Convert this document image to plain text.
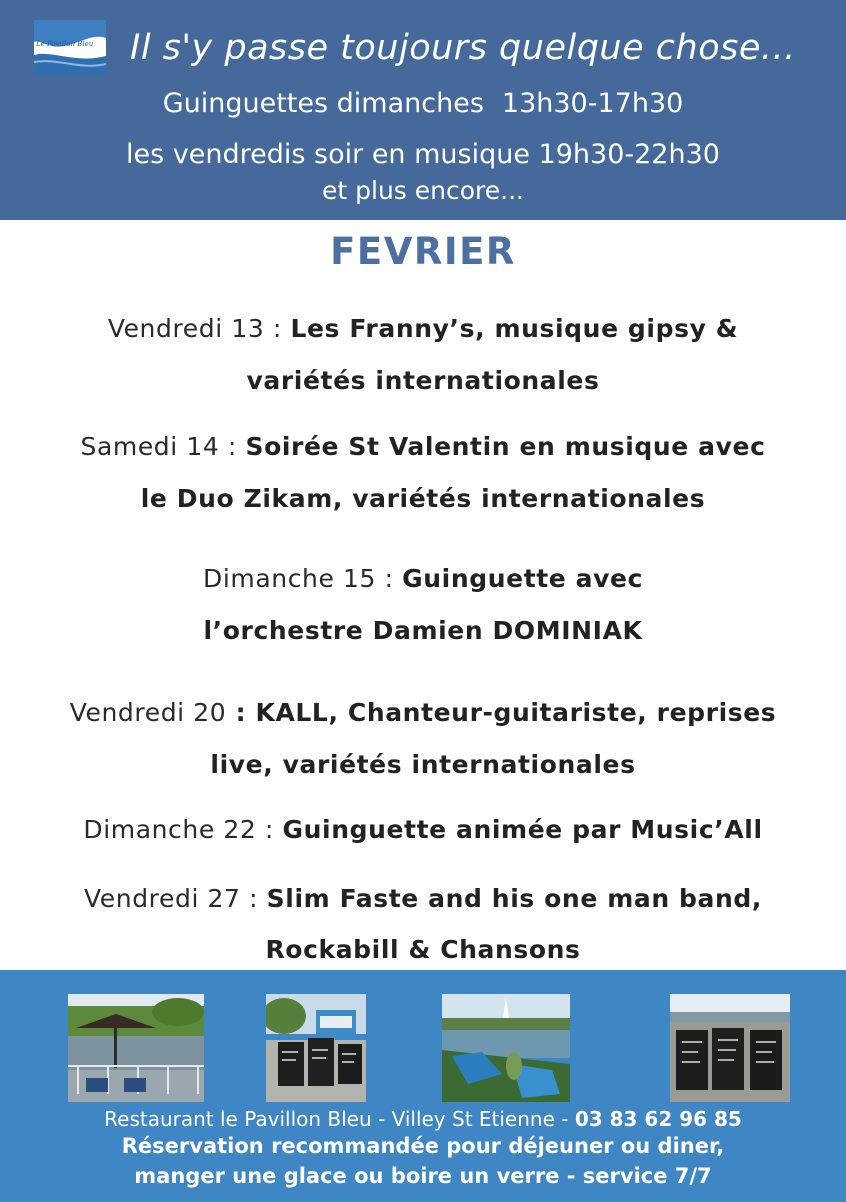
Le Pavillon Bleu	Il s'y passe toujours quelque chose...
Guinguettes dimanches 13h30-17h30
les vendredis soir en musique 19h30-22h30
et plus encore...
FEVRIER
Vendredi 13 : Les Franny’s, musique gipsy &
variétés internationales
Samedi 14 : Soirée St Valentin en musique avec
le Duo Zikam, variétés internationales
Dimanche 15 : Guinguette avec
l’orchestre Damien DOMINIAK
Vendredi 20 : KALL, Chanteur-guitariste, reprises
live, variétés internationales
Dimanche 22 : Guinguette animée par Music’All
Vendredi 27 : Slim Faste and his one man band,
Rockabill & Chansons
Restaurant le Pavillon Bleu - Villey St Etienne - 03 83 62 96 85
Réservation recommandée pour déjeuner ou diner,
manger une glace ou boire un verre - service 7/7
